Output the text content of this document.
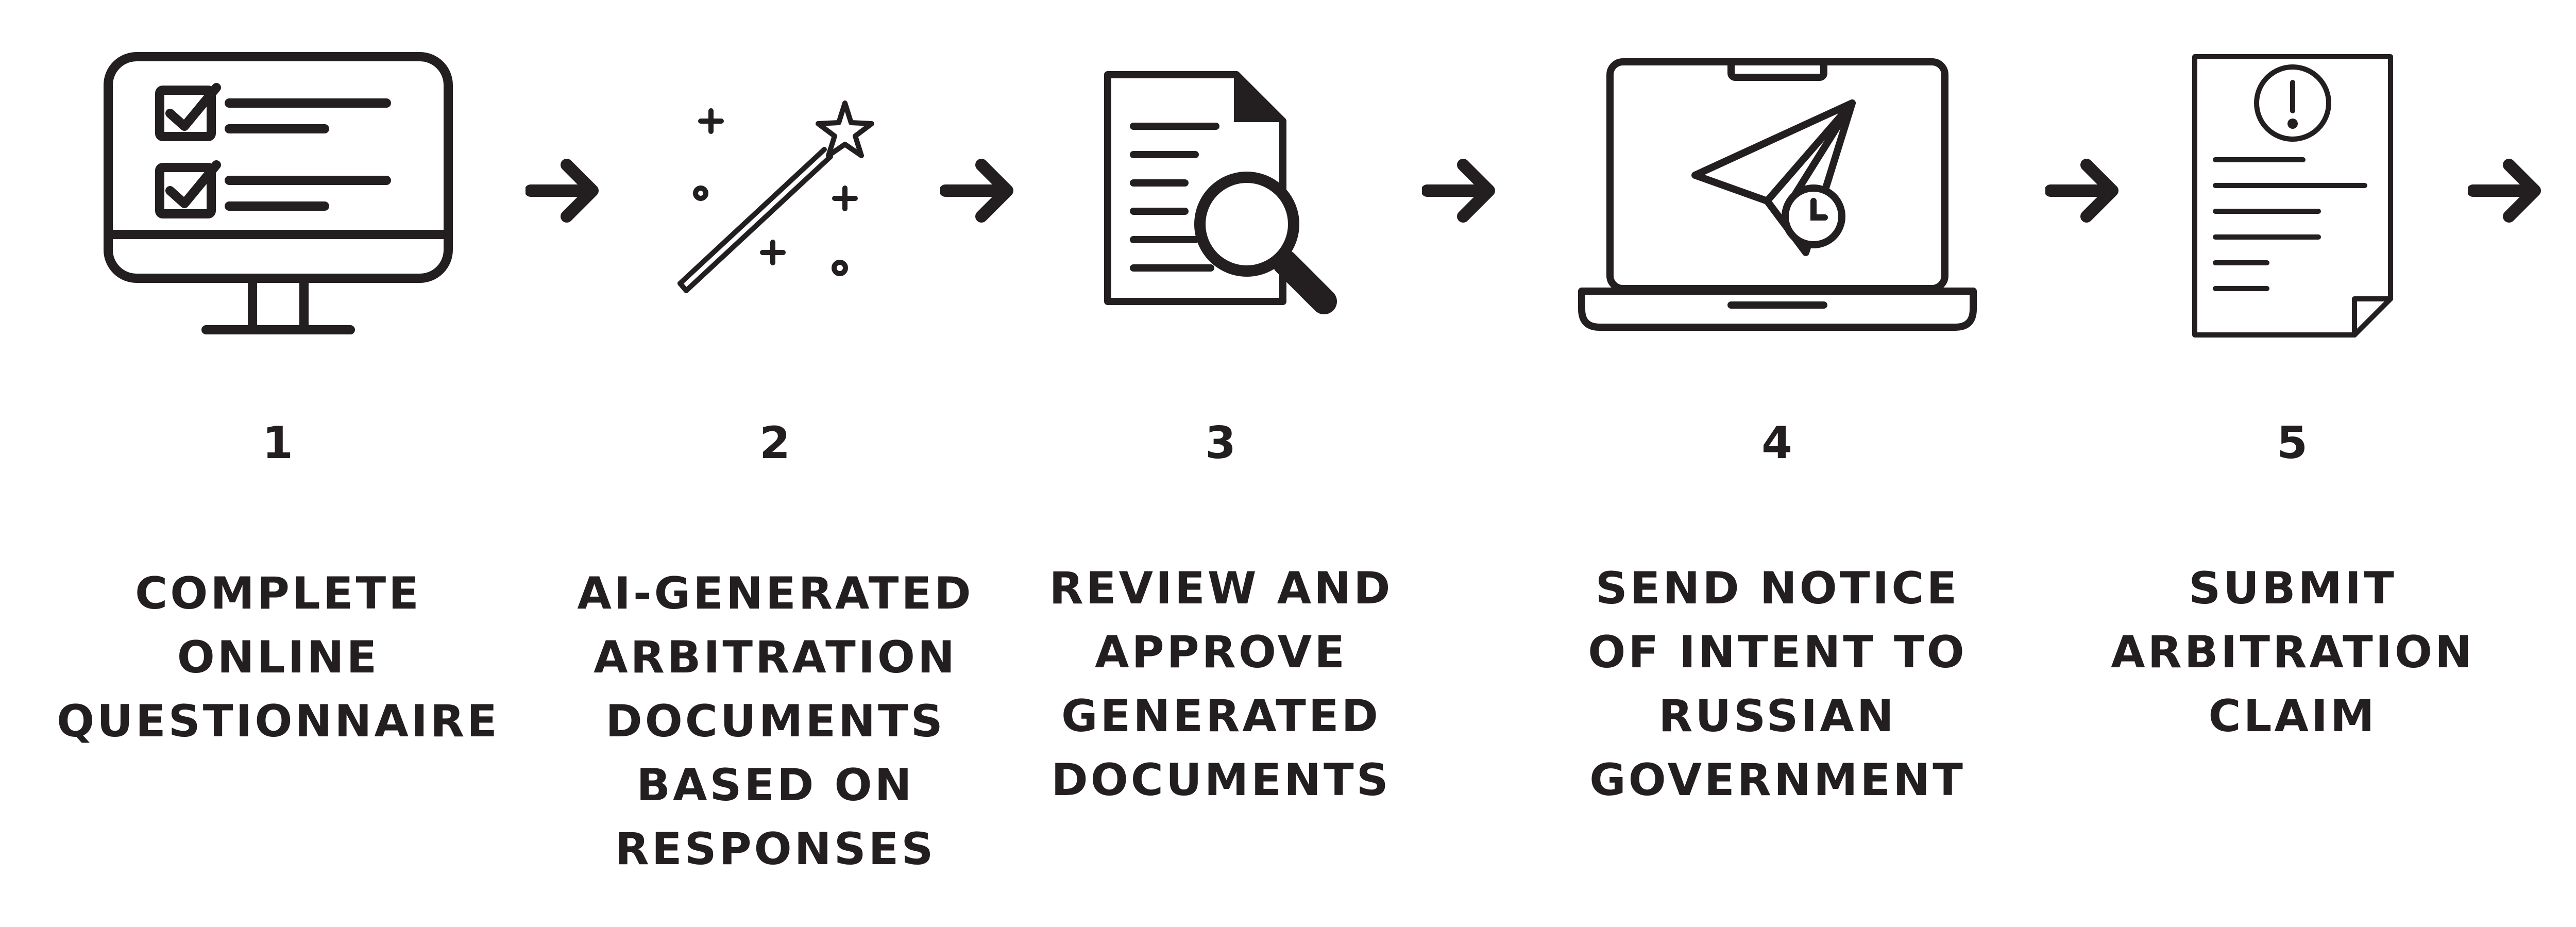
1	2	3	4	5
COMPLETE
ONLINE
QUESTIONNAIRE
AI-GENERATED
ARBITRATION
DOCUMENTS
BASED ON
RESPONSES
REVIEW AND
APPROVE
GENERATED
DOCUMENTS
SEND NOTICE
OF INTENT TO
RUSSIAN
GOVERNMENT
SUBMIT
ARBITRATION
CLAIM
